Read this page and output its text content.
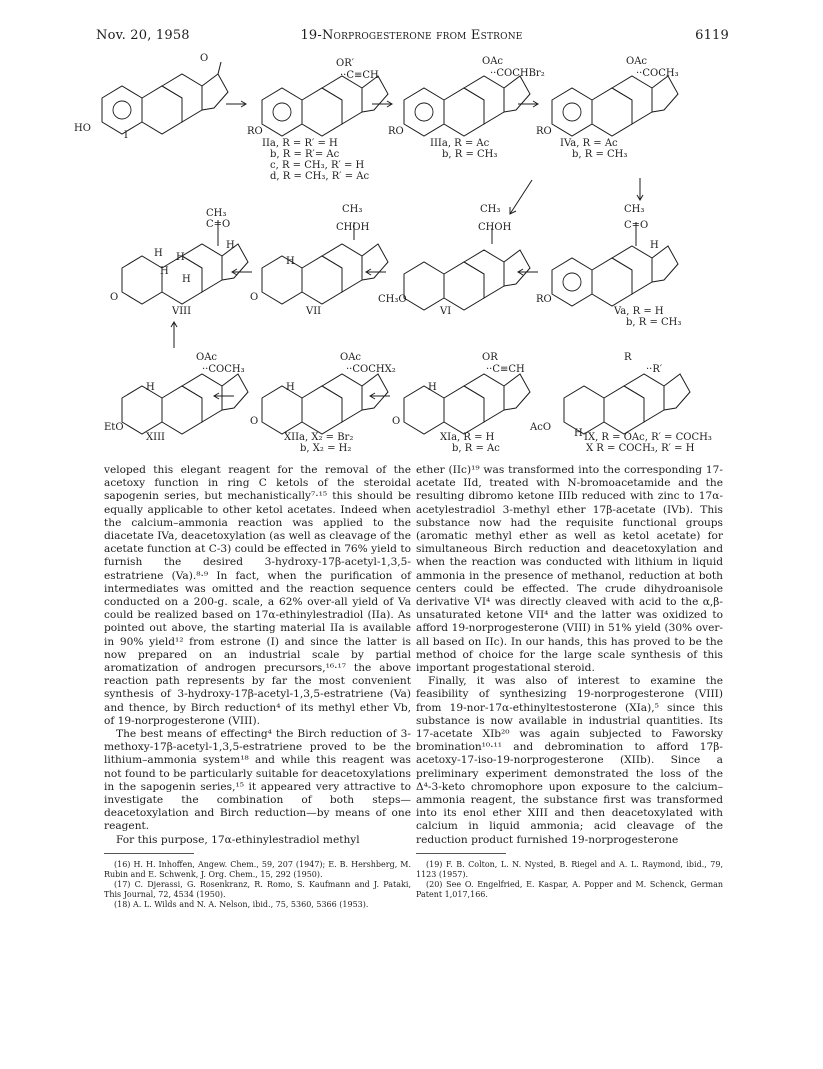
Nov. 20, 1958	19-Norprogesterone from Estrone	6119
O
HO
I
OR′
··C≡CH
RO
IIa, R = R′ = H
b, R = R′= Ac
c, R = CH₃, R′ = H
d, R = CH₃, R′ = Ac
OAc
··COCHBr₂
RO
IIIa, R = Ac
b, R = CH₃
OAc
··COCH₃
RO
IVa, R = Ac
b, R = CH₃
CH₃
C=O
H
H H
H
H
O
VIII
CH₃
CHOH
H
O
VII
CH₃
CHOH
CH₃O
VI
CH₃
C=O
H
RO
Va, R = H
b, R = CH₃
OAc
··COCH₃
H
EtO
XIII
OAc
··COCHX₂
H
O
XIIa, X₂ = Br₂
b, X₂ = H₂
OR
··C≡CH
H
O
XIa, R = H
b, R = Ac
R
··R′
AcO
H IX, R = OAc, R′ = COCH₃
X R = COCH₃, R′ = H

veloped this elegant reagent for the removal of the acetoxy function in ring C ketols of the steroidal sapogenin series, but mechanistically⁷·¹⁵ this should be equally applicable to other ketol acetates. Indeed when the calcium–ammonia reaction was applied to the diacetate IVa, deacetoxylation (as well as cleavage of the acetate function at C-3) could be effected in 76% yield to furnish the desired 3-hydroxy-17β-acetyl-1,3,5-estratriene (Va).⁸·⁹ In fact, when the purification of intermediates was omitted and the reaction sequence conducted on a 200-g. scale, a 62% over-all yield of Va could be realized based on 17α-ethinylestradiol (IIa). As pointed out above, the starting material IIa is available in 90% yield¹² from estrone (I) and since the latter is now prepared on an industrial scale by partial aromatization of androgen precursors,¹⁶·¹⁷ the above reaction path represents by far the most convenient synthesis of 3-hydroxy-17β-acetyl-1,3,5-estratriene (Va) and thence, by Birch reduction⁴ of its methyl ether Vb, of 19-norprogesterone (VIII).

The best means of effecting⁴ the Birch reduction of 3-methoxy-17β-acetyl-1,3,5-estratriene proved to be the lithium–ammonia system¹⁸ and while this reagent was not found to be particularly suitable for deacetoxylations in the sapogenin series,¹⁵ it appeared very attractive to investigate the combination of both steps—deacetoxylation and Birch reduction—by means of one reagent.

For this purpose, 17α-ethinylestradiol methyl

(16) H. H. Inhoffen, Angew. Chem., 59, 207 (1947); E. B. Hershberg, M. Rubin and E. Schwenk, J. Org. Chem., 15, 292 (1950).
(17) C. Djerassi, G. Rosenkranz, R. Romo, S. Kaufmann and J. Pataki, This Journal, 72, 4534 (1950).
(18) A. L. Wilds and N. A. Nelson, ibid., 75, 5360, 5366 (1953).

ether (IIc)¹⁹ was transformed into the corresponding 17-acetate IId, treated with N-bromoacetamide and the resulting dibromo ketone IIIb reduced with zinc to 17α-acetylestradiol 3-methyl ether 17β-acetate (IVb). This substance now had the requisite functional groups (aromatic methyl ether as well as ketol acetate) for simultaneous Birch reduction and deacetoxylation and when the reaction was conducted with lithium in liquid ammonia in the presence of methanol, reduction at both centers could be effected. The crude dihydroanisole derivative VI⁴ was directly cleaved with acid to the α,β-unsaturated ketone VII⁴ and the latter was oxidized to afford 19-norprogesterone (VIII) in 51% yield (30% over-all based on IIc). In our hands, this has proved to be the method of choice for the large scale synthesis of this important progestational steroid.

Finally, it was also of interest to examine the feasibility of synthesizing 19-norprogesterone (VIII) from 19-nor-17α-ethinyltestosterone (XIa),⁵ since this substance is now available in industrial quantities. Its 17-acetate XIb²⁰ was again subjected to Faworsky bromination¹⁰·¹¹ and debromination to afford 17β-acetoxy-17-iso-19-norprogesterone (XIIb). Since a preliminary experiment demonstrated the loss of the Δ⁴-3-keto chromophore upon exposure to the calcium–ammonia reagent, the substance first was transformed into its enol ether XIII and then deacetoxylated with calcium in liquid ammonia; acid cleavage of the reduction product furnished 19-norprogesterone

(19) F. B. Colton, L. N. Nysted, B. Riegel and A. L. Raymond, ibid., 79, 1123 (1957).
(20) See O. Engelfried, E. Kaspar, A. Popper and M. Schenck, German Patent 1,017,166.
